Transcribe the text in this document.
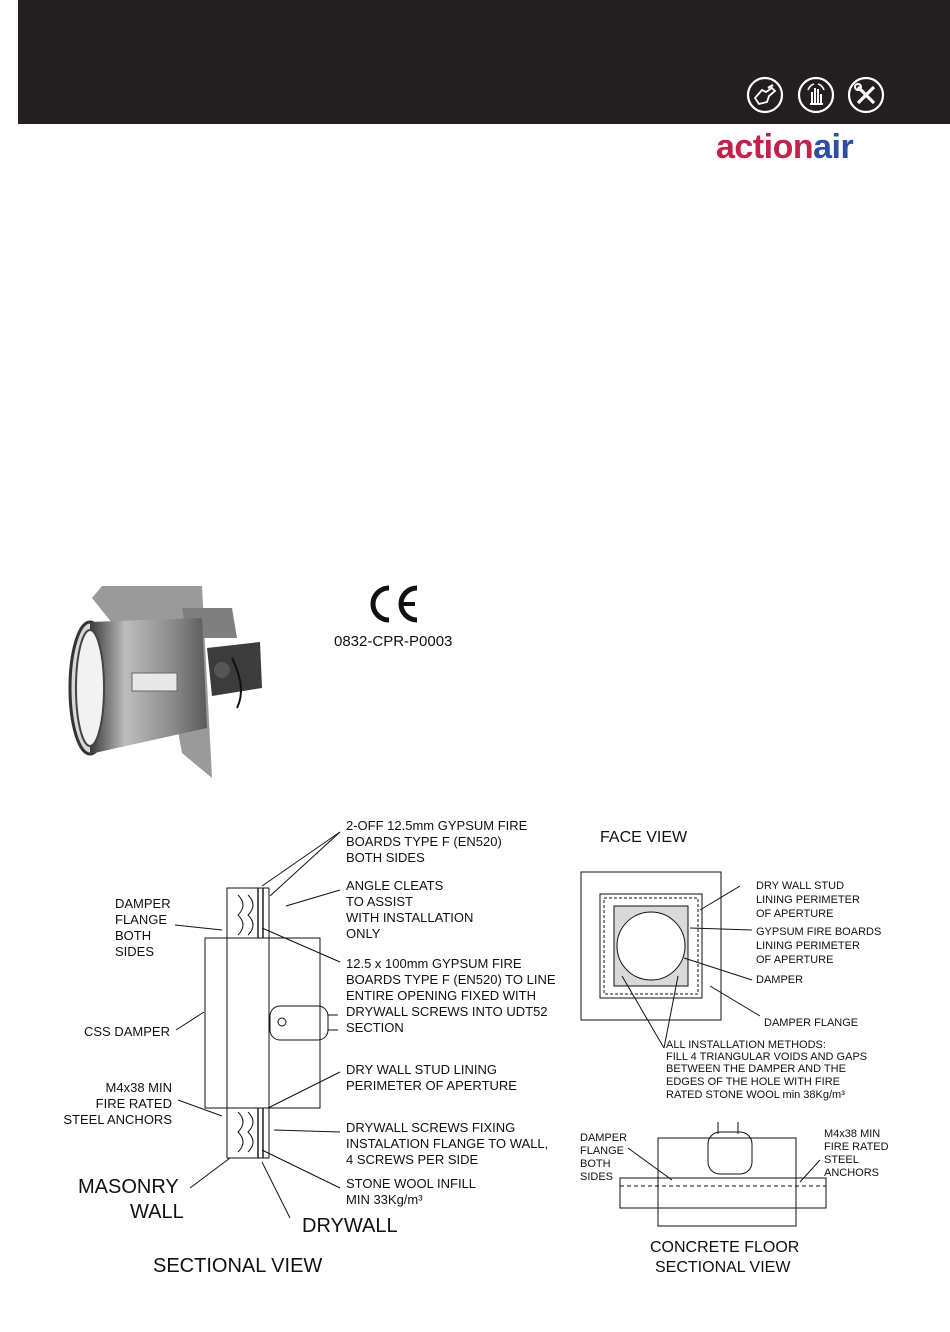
actionair
0832-CPR-P0003
2-OFF 12.5mm GYPSUM FIRE
BOARDS TYPE F (EN520)
BOTH SIDES
ANGLE CLEATS
TO ASSIST
WITH INSTALLATION
ONLY
DAMPER
FLANGE
BOTH
SIDES
12.5 x 100mm GYPSUM FIRE
BOARDS TYPE F (EN520) TO LINE
ENTIRE OPENING FIXED WITH
DRYWALL SCREWS INTO UDT52
SECTION
CSS DAMPER
DRY WALL STUD LINING
PERIMETER OF APERTURE
M4x38 MIN
FIRE RATED
STEEL ANCHORS
DRYWALL SCREWS FIXING
INSTALATION FLANGE TO WALL,
4 SCREWS PER SIDE
STONE WOOL INFILL
MIN 33Kg/m³
MASONRY
WALL
DRYWALL
SECTIONAL VIEW
FACE VIEW
DRY WALL STUD
LINING PERIMETER
OF APERTURE
GYPSUM FIRE BOARDS
LINING PERIMETER
OF APERTURE
DAMPER
DAMPER FLANGE
ALL INSTALLATION METHODS:
FILL 4 TRIANGULAR VOIDS AND GAPS
BETWEEN THE DAMPER AND THE
EDGES OF THE HOLE WITH FIRE
RATED STONE WOOL min 38Kg/m³
DAMPER
FLANGE
BOTH
SIDES
M4x38 MIN
FIRE RATED
STEEL
ANCHORS
CONCRETE FLOOR
SECTIONAL VIEW
